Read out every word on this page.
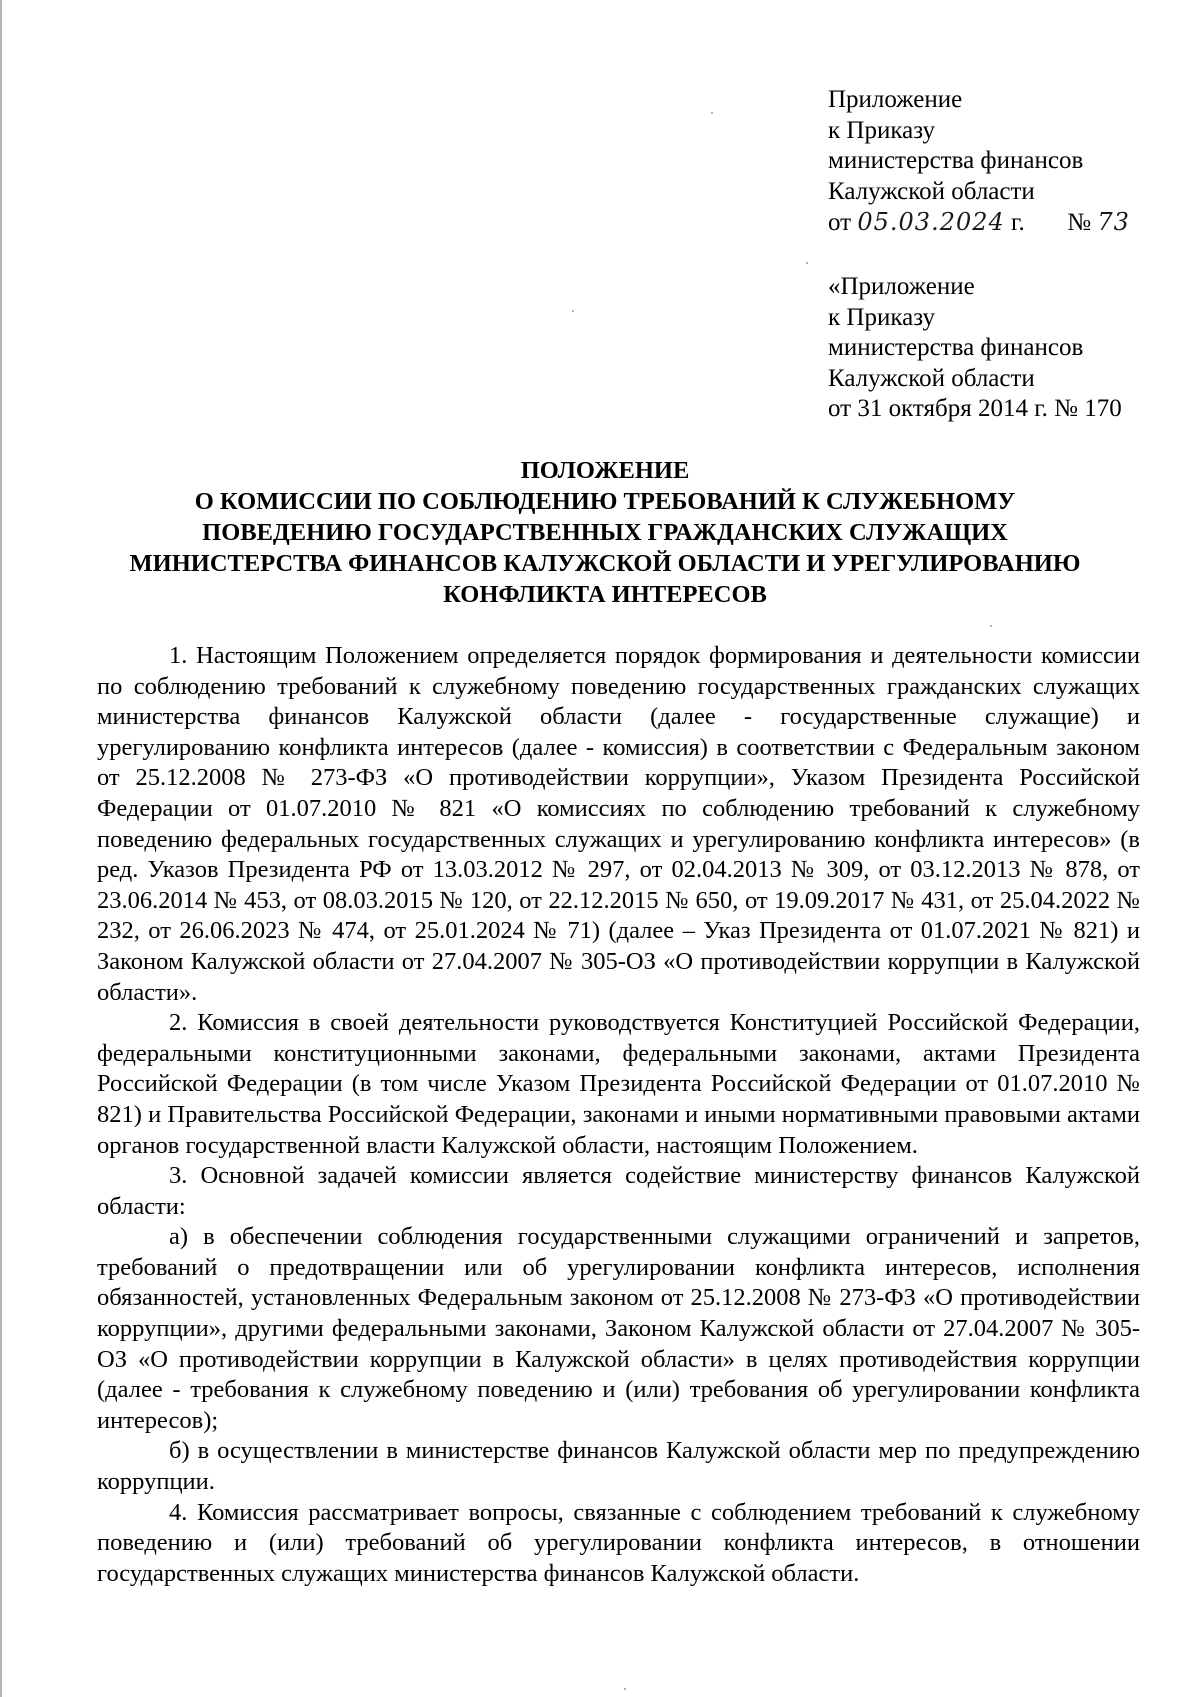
Приложение
к Приказу
министерства финансов
Калужской области
от 05.03.2024 г. № 73
«Приложение
к Приказу
министерства финансов
Калужской области
от 31 октября 2014 г. № 170
ПОЛОЖЕНИЕ
О КОМИССИИ ПО СОБЛЮДЕНИЮ ТРЕБОВАНИЙ К СЛУЖЕБНОМУ
ПОВЕДЕНИЮ ГОСУДАРСТВЕННЫХ ГРАЖДАНСКИХ СЛУЖАЩИХ
МИНИСТЕРСТВА ФИНАНСОВ КАЛУЖСКОЙ ОБЛАСТИ И УРЕГУЛИРОВАНИЮ
КОНФЛИКТА ИНТЕРЕСОВ

1. Настоящим Положением определяется порядок формирования и деятельности комиссии по соблюдению требований к служебному поведению государственных гражданских служащих министерства финансов Калужской области (далее - государственные служащие) и урегулированию конфликта интересов (далее - комиссия) в соответствии с Федеральным законом от 25.12.2008 № 273-ФЗ «О противодействии коррупции», Указом Президента Российской Федерации от 01.07.2010 № 821 «О комиссиях по соблюдению требований к служебному поведению федеральных государственных служащих и урегулированию конфликта интересов» (в ред. Указов Президента РФ от 13.03.2012 № 297, от 02.04.2013 № 309, от 03.12.2013 № 878, от 23.06.2014 № 453, от 08.03.2015 № 120, от 22.12.2015 № 650, от 19.09.2017 № 431, от 25.04.2022 № 232, от 26.06.2023 № 474, от 25.01.2024 № 71) (далее – Указ Президента от 01.07.2021 № 821) и Законом Калужской области от 27.04.2007 № 305-ОЗ «О противодействии коррупции в Калужской области».

2. Комиссия в своей деятельности руководствуется Конституцией Российской Федерации, федеральными конституционными законами, федеральными законами, актами Президента Российской Федерации (в том числе Указом Президента Российской Федерации от 01.07.2010 № 821) и Правительства Российской Федерации, законами и иными нормативными правовыми актами органов государственной власти Калужской области, настоящим Положением.

3. Основной задачей комиссии является содействие министерству финансов Калужской области:

а) в обеспечении соблюдения государственными служащими ограничений и запретов, требований о предотвращении или об урегулировании конфликта интересов, исполнения обязанностей, установленных Федеральным законом от 25.12.2008 № 273-ФЗ «О противодействии коррупции», другими федеральными законами, Законом Калужской области от 27.04.2007 № 305-ОЗ «О противодействии коррупции в Калужской области» в целях противодействия коррупции (далее - требования к служебному поведению и (или) требования об урегулировании конфликта интересов);

б) в осуществлении в министерстве финансов Калужской области мер по предупреждению коррупции.

4. Комиссия рассматривает вопросы, связанные с соблюдением требований к служебному поведению и (или) требований об урегулировании конфликта интересов, в отношении государственных служащих министерства финансов Калужской области.
